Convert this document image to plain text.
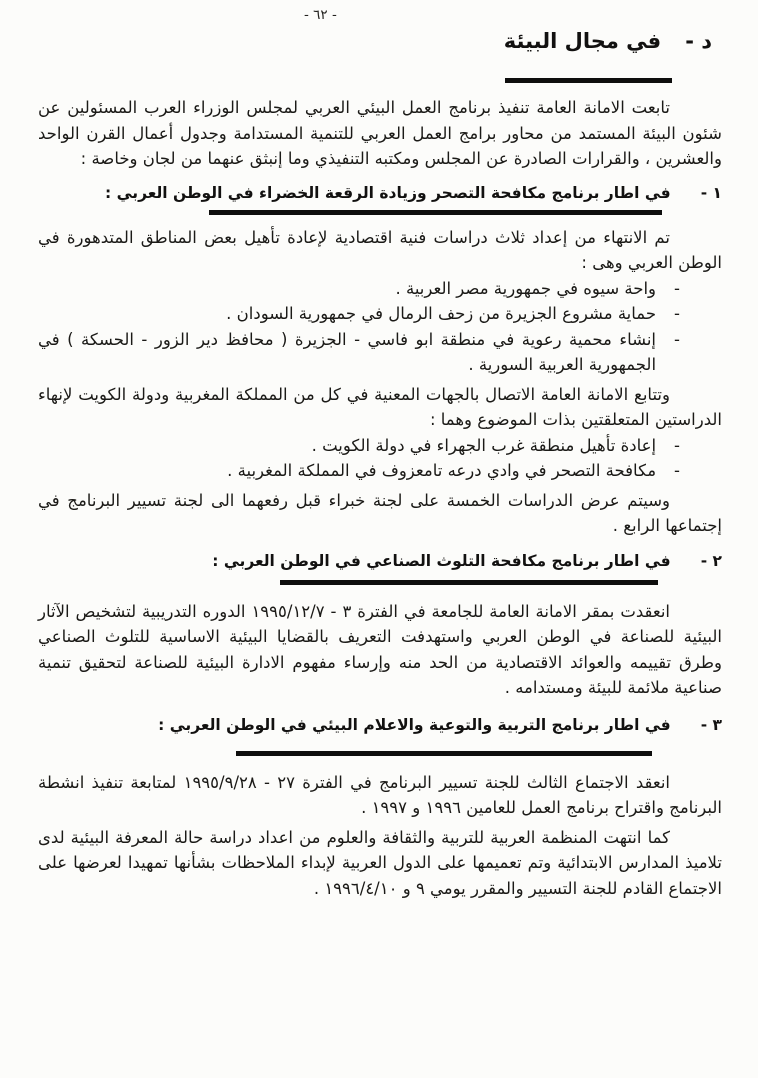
- ٦٢ -
د -
في مجال البيئة

تابعت الامانة العامة تنفيذ برنامج العمل البيئي العربي لمجلس الوزراء العرب المسئولين عن شئون البيئة المستمد من محاور برامج العمل العربي للتنمية المستدامة وجدول أعمال القرن الواحد والعشرين ، والقرارات الصادرة عن المجلس ومكتبه التنفيذي وما إنبثق عنهما من لجان وخاصة :

١ -
في اطار برنامج مكافحة التصحر وزيادة الرقعة الخضراء في الوطن العربي :

تم الانتهاء من إعداد ثلاث دراسات فنية اقتصادية لإعادة تأهيل بعض المناطق المتدهورة في الوطن العربي وهى :

-
واحة سيوه في جمهورية مصر العربية .
-
حماية مشروع الجزيرة من زحف الرمال في جمهورية السودان .
-
إنشاء محمية رعوية في منطقة ابو فاسي - الجزيرة ( محافظ دير الزور - الحسكة ) في الجمهورية العربية السورية .

وتتابع الامانة العامة الاتصال بالجهات المعنية في كل من المملكة المغربية ودولة الكويت لإنهاء الدراستين المتعلقتين بذات الموضوع وهما :

-
إعادة تأهيل منطقة غرب الجهراء في دولة الكويت .
-
مكافحة التصحر في وادي درعه تامعزوف في المملكة المغربية .

وسيتم عرض الدراسات الخمسة على لجنة خبراء قبل رفعهما الى لجنة تسيير البرنامج في إجتماعها الرابع .

٢ -
في اطار برنامج مكافحة التلوث الصناعي في الوطن العربي :

انعقدت بمقر الامانة العامة للجامعة في الفترة ٣ - ١٩٩٥/١٢/٧ الدوره التدريبية لتشخيص الآثار البيئية للصناعة في الوطن العربي واستهدفت التعريف بالقضايا البيئية الاساسية للتلوث الصناعي وطرق تقييمه والعوائد الاقتصادية من الحد منه وإرساء مفهوم الادارة البيئية للصناعة لتحقيق تنمية صناعية ملائمة للبيئة ومستدامه .

٣ -
في اطار برنامج التربية والتوعية والاعلام البيئي في الوطن العربي :

انعقد الاجتماع الثالث للجنة تسيير البرنامج في الفترة ٢٧ - ١٩٩٥/٩/٢٨ لمتابعة تنفيذ انشطة البرنامج واقتراح برنامج العمل للعامين ١٩٩٦ و ١٩٩٧ .

كما انتهت المنظمة العربية للتربية والثقافة والعلوم من اعداد دراسة حالة المعرفة البيئية لدى تلاميذ المدارس الابتدائية وتم تعميمها على الدول العربية لإبداء الملاحظات بشأنها تمهيدا لعرضها على الاجتماع القادم للجنة التسيير والمقرر يومي ٩ و ١٩٩٦/٤/١٠ .
